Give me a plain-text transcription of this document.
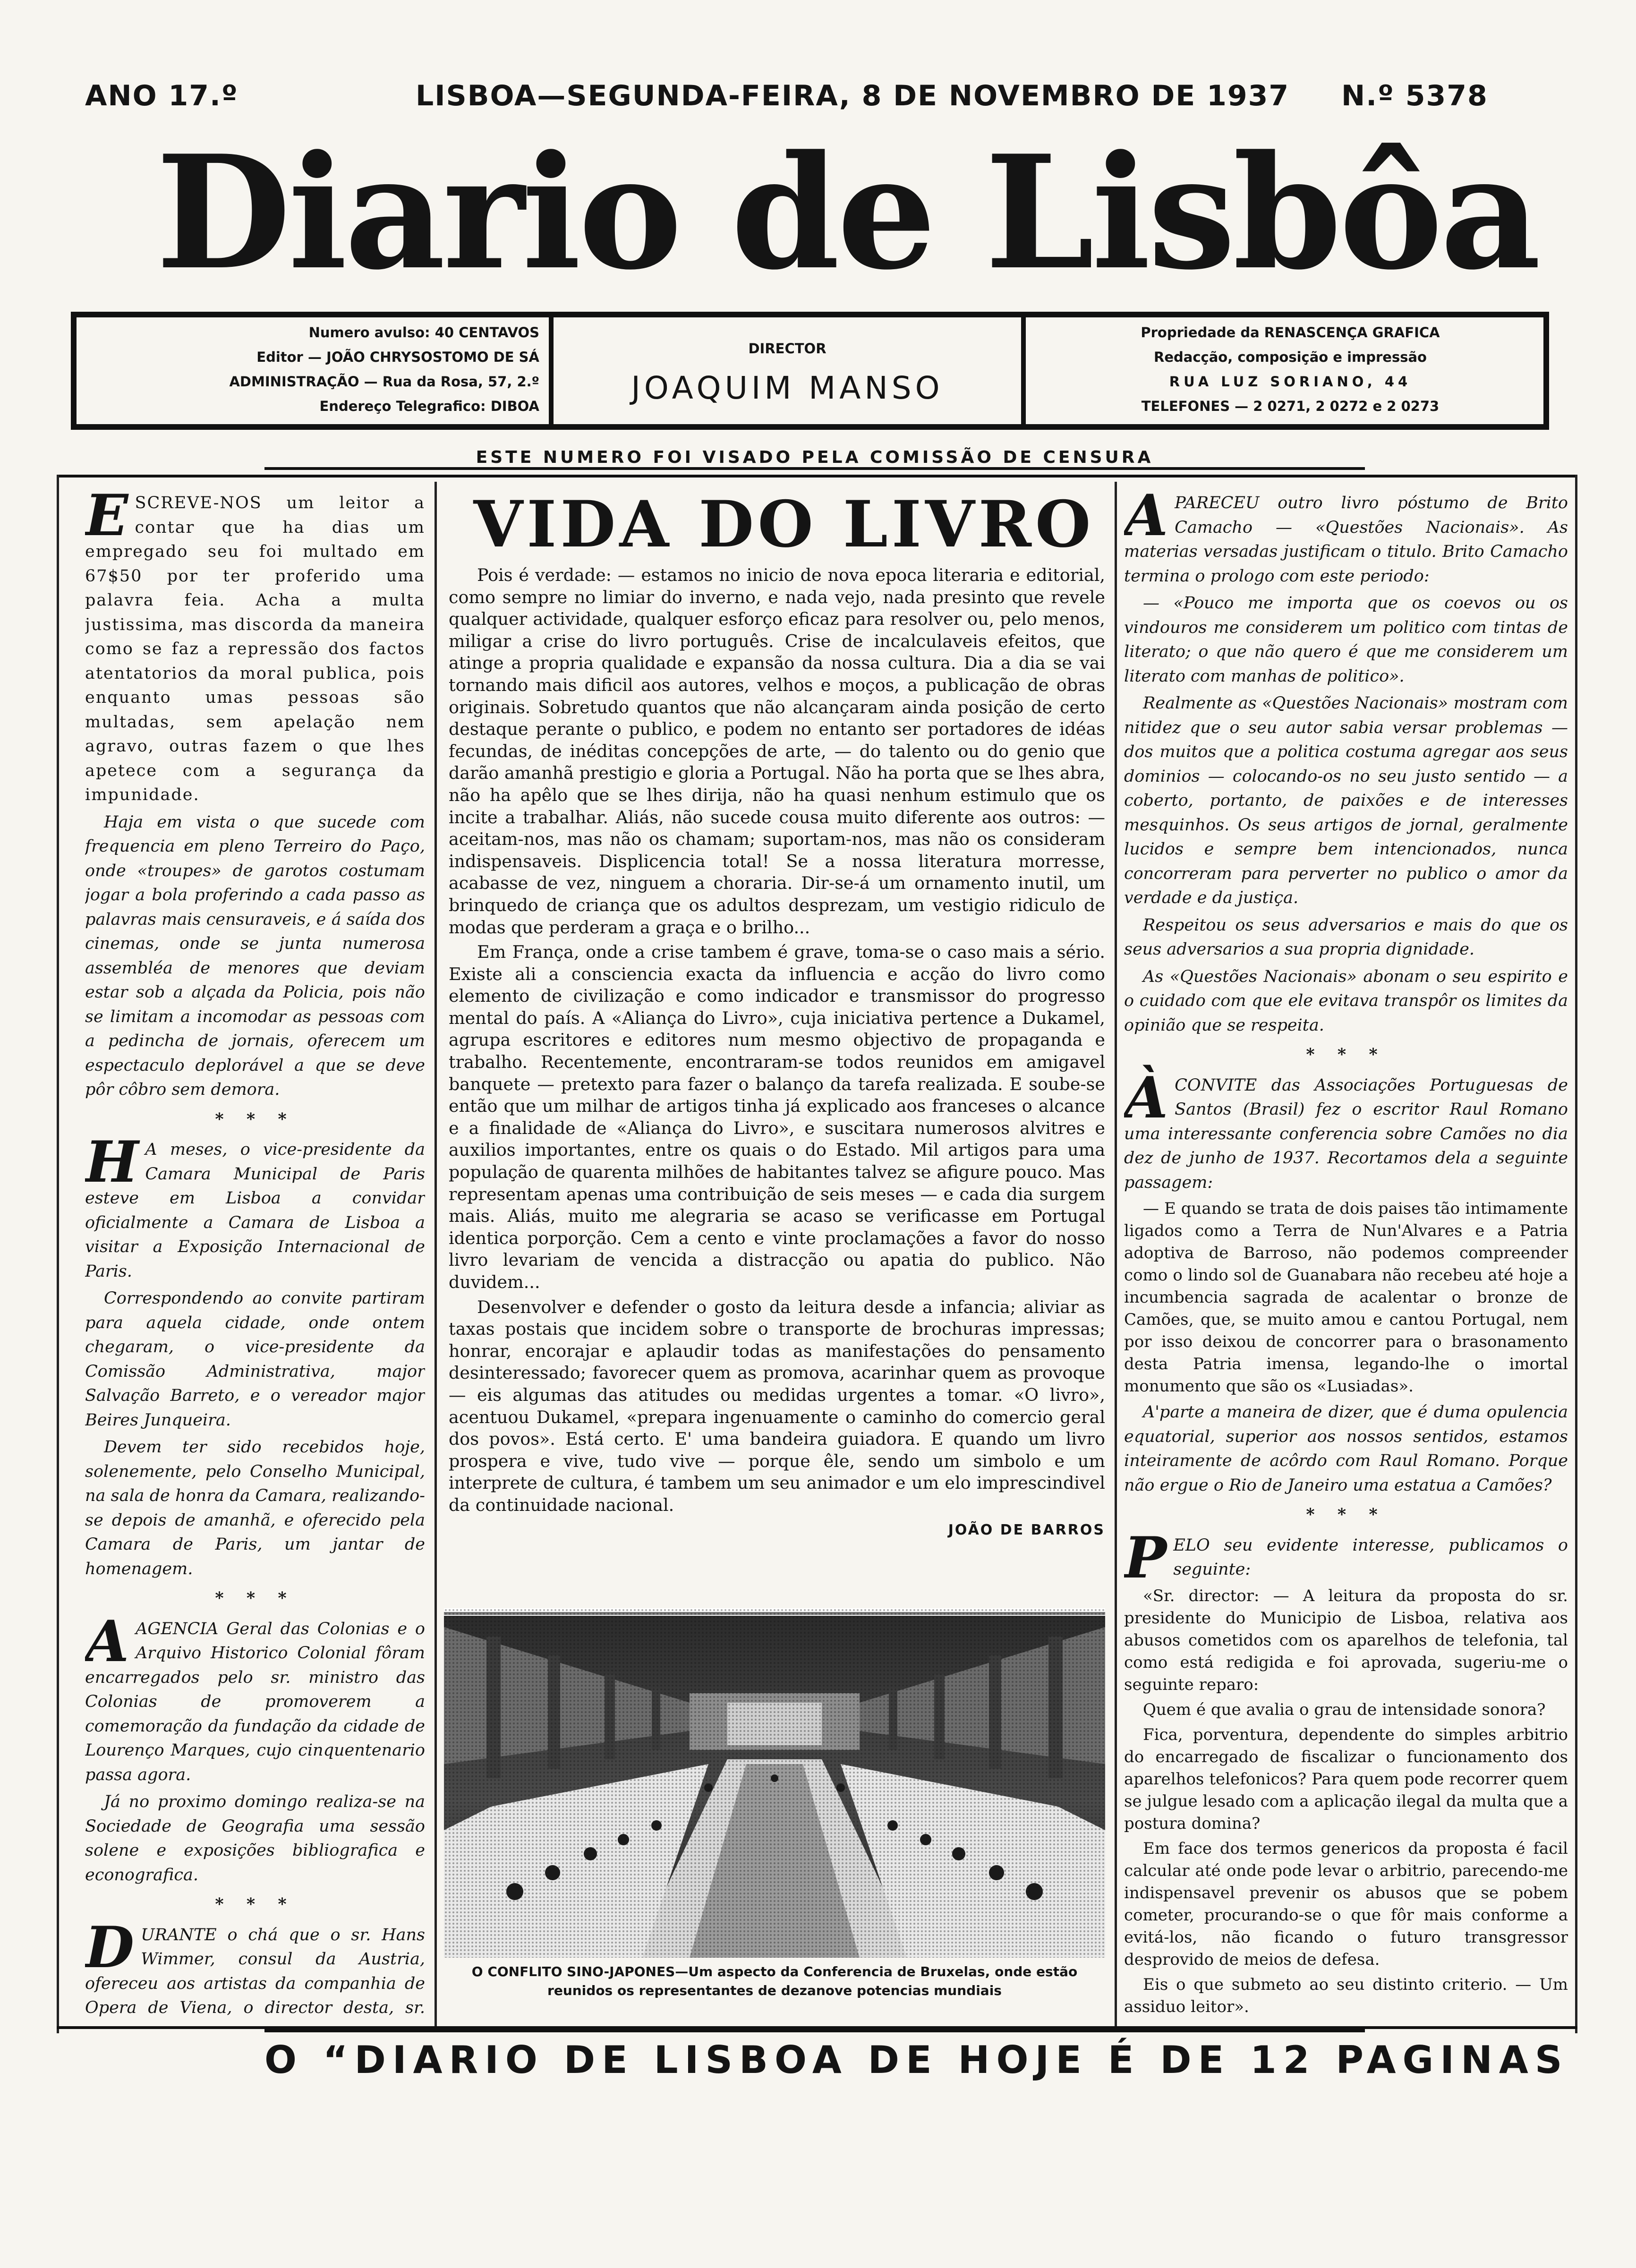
ANO 17.º	LISBOA—SEGUNDA-FEIRA, 8 DE NOVEMBRO DE 1937 N.º 5378
Diario de Lisbôa
Numero avulso: 40 CENTAVOS
Editor — JOÃO CHRYSOSTOMO DE SÁ
ADMINISTRAÇÃO — Rua da Rosa, 57, 2.º
Endereço Telegrafico: DIBOA
DIRECTOR
JOAQUIM MANSO
Propriedade da RENASCENÇA GRAFICA
Redacção, composição e impressão
RUA LUZ SORIANO, 44
TELEFONES — 2 0271, 2 0272 e 2 0273
ESTE NUMERO FOI VISADO PELA COMISSÃO DE CENSURA

ESCREVE-NOS um leitor a contar que ha dias um empregado seu foi multado em 67$50 por ter proferido uma palavra feia. Acha a multa justissima, mas discorda da maneira como se faz a repressão dos factos atentatorios da moral publica, pois enquanto umas pessoas são multadas, sem apelação nem agravo, outras fazem o que lhes apetece com a segurança da impunidade.

Haja em vista o que sucede com frequencia em pleno Terreiro do Paço, onde «troupes» de garotos costumam jogar a bola proferindo a cada passo as palavras mais censuraveis, e á saída dos cinemas, onde se junta numerosa assembléa de menores que deviam estar sob a alçada da Policia, pois não se limitam a incomodar as pessoas com a pedincha de jornais, oferecem um espectaculo deplorável a que se deve pôr côbro sem demora.

* * *

H A meses, o vice-presidente da Camara Municipal de Paris esteve em Lisboa a convidar oficialmente a Camara de Lisboa a visitar a Exposição Internacional de Paris.

Correspondendo ao convite partiram para aquela cidade, onde ontem chegaram, o vice-presidente da Comissão Administrativa, major Salvação Barreto, e o vereador major Beires Junqueira.

Devem ter sido recebidos hoje, solenemente, pelo Conselho Municipal, na sala de honra da Camara, realizando-se depois de amanhã, e oferecido pela Camara de Paris, um jantar de homenagem.

* * *

AAGENCIA Geral das Colonias e o Arquivo Historico Colonial fôram encarregados pelo sr. ministro das Colonias de promoverem a comemoração da fundação da cidade de Lourenço Marques, cujo cinquentenario passa agora.

Já no proximo domingo realiza-se na Sociedade de Geografia uma sessão solene e exposições bibliografica e econografica.

* * *

DURANTE o chá que o sr. Hans Wimmer, consul da Austria, ofereceu aos artistas da companhia de Opera de Viena, o director desta, sr.

VIDA DO LIVRO

Pois é verdade: — estamos no inicio de nova epoca literaria e editorial, como sempre no limiar do inverno, e nada vejo, nada presinto que revele qualquer actividade, qualquer esforço eficaz para resolver ou, pelo menos, miligar a crise do livro português. Crise de incalculaveis efeitos, que atinge a propria qualidade e expansão da nossa cultura. Dia a dia se vai tornando mais dificil aos autores, velhos e moços, a publicação de obras originais. Sobretudo quantos que não alcançaram ainda posição de certo destaque perante o publico, e podem no entanto ser portadores de idéas fecundas, de inéditas concepções de arte, — do talento ou do genio que darão amanhã prestigio e gloria a Portugal. Não ha porta que se lhes abra, não ha apêlo que se lhes dirija, não ha quasi nenhum estimulo que os incite a trabalhar. Aliás, não sucede cousa muito diferente aos outros: — aceitam-nos, mas não os chamam; suportam-nos, mas não os consideram indispensaveis. Displicencia total! Se a nossa literatura morresse, acabasse de vez, ninguem a choraria. Dir-se-á um ornamento inutil, um brinquedo de criança que os adultos desprezam, um vestigio ridiculo de modas que perderam a graça e o brilho...

Em França, onde a crise tambem é grave, toma-se o caso mais a sério. Existe ali a consciencia exacta da influencia e acção do livro como elemento de civilização e como indicador e transmissor do progresso mental do país. A «Aliança do Livro», cuja iniciativa pertence a Dukamel, agrupa escritores e editores num mesmo objectivo de propaganda e trabalho. Recentemente, encontraram-se todos reunidos em amigavel banquete — pretexto para fazer o balanço da tarefa realizada. E soube-se então que um milhar de artigos tinha já explicado aos franceses o alcance e a finalidade de «Aliança do Livro», e suscitara numerosos alvitres e auxilios importantes, entre os quais o do Estado. Mil artigos para uma população de quarenta milhões de habitantes talvez se afigure pouco. Mas representam apenas uma contribuição de seis meses — e cada dia surgem mais. Aliás, muito me alegraria se acaso se verificasse em Portugal identica porporção. Cem a cento e vinte proclamações a favor do nosso livro levariam de vencida a distracção ou apatia do publico. Não duvidem...

Desenvolver e defender o gosto da leitura desde a infancia; aliviar as taxas postais que incidem sobre o transporte de brochuras impressas; honrar, encorajar e aplaudir todas as manifestações do pensamento desinteressado; favorecer quem as promova, acarinhar quem as provoque — eis algumas das atitudes ou medidas urgentes a tomar. «O livro», acentuou Dukamel, «prepara ingenuamente o caminho do comercio geral dos povos». Está certo. E' uma bandeira guiadora. E quando um livro prospera e vive, tudo vive — porque êle, sendo um simbolo e um interprete de cultura, é tambem um seu animador e um elo imprescindivel da continuidade nacional.

JOÃO DE BARROS
O CONFLITO SINO-JAPONES—Um aspecto da Conferencia de Bruxelas, onde estão reunidos os representantes de dezanove potencias mundiais

APARECEU outro livro póstumo de Brito Camacho — «Questões Nacionais». As materias versadas justificam o titulo. Brito Camacho termina o prologo com este periodo:

— «Pouco me importa que os coevos ou os vindouros me considerem um politico com tintas de literato; o que não quero é que me considerem um literato com manhas de politico».

Realmente as «Questões Nacionais» mostram com nitidez que o seu autor sabia versar problemas — dos muitos que a politica costuma agregar aos seus dominios — colocando-os no seu justo sentido — a coberto, portanto, de paixões e de interesses mesquinhos. Os seus artigos de jornal, geralmente lucidos e sempre bem intencionados, nunca concorreram para perverter no publico o amor da verdade e da justiça.

Respeitou os seus adversarios e mais do que os seus adversarios a sua propria dignidade.

As «Questões Nacionais» abonam o seu espirito e o cuidado com que ele evitava transpôr os limites da opinião que se respeita.

* * *

ÀCONVITE das Associações Portuguesas de Santos (Brasil) fez o escritor Raul Romano uma interessante conferencia sobre Camões no dia dez de junho de 1937. Recortamos dela a seguinte passagem:

— E quando se trata de dois paises tão intimamente ligados como a Terra de Nun'Alvares e a Patria adoptiva de Barroso, não podemos compreender como o lindo sol de Guanabara não recebeu até hoje a incumbencia sagrada de acalentar o bronze de Camões, que, se muito amou e cantou Portugal, nem por isso deixou de concorrer para o brasonamento desta Patria imensa, legando-lhe o imortal monumento que são os «Lusiadas».

A'parte a maneira de dizer, que é duma opulencia equatorial, superior aos nossos sentidos, estamos inteiramente de acôrdo com Raul Romano. Porque não ergue o Rio de Janeiro uma estatua a Camões?

* * *

PELO seu evidente interesse, publicamos o seguinte:

«Sr. director: — A leitura da proposta do sr. presidente do Municipio de Lisboa, relativa aos abusos cometidos com os aparelhos de telefonia, tal como está redigida e foi aprovada, sugeriu-me o seguinte reparo:

Quem é que avalia o grau de intensidade sonora?

Fica, porventura, dependente do simples arbitrio do encarregado de fiscalizar o funcionamento dos aparelhos telefonicos? Para quem pode recorrer quem se julgue lesado com a aplicação ilegal da multa que a postura domina?

Em face dos termos genericos da proposta é facil calcular até onde pode levar o arbitrio, parecendo-me indispensavel prevenir os abusos que se pobem cometer, procurando-se o que fôr mais conforme a evitá-los, não ficando o futuro transgressor desprovido de meios de defesa.

Eis o que submeto ao seu distinto criterio. — Um assiduo leitor».

O “DIARIO DE LISBOA DE HOJE É DE 12 PAGINAS
